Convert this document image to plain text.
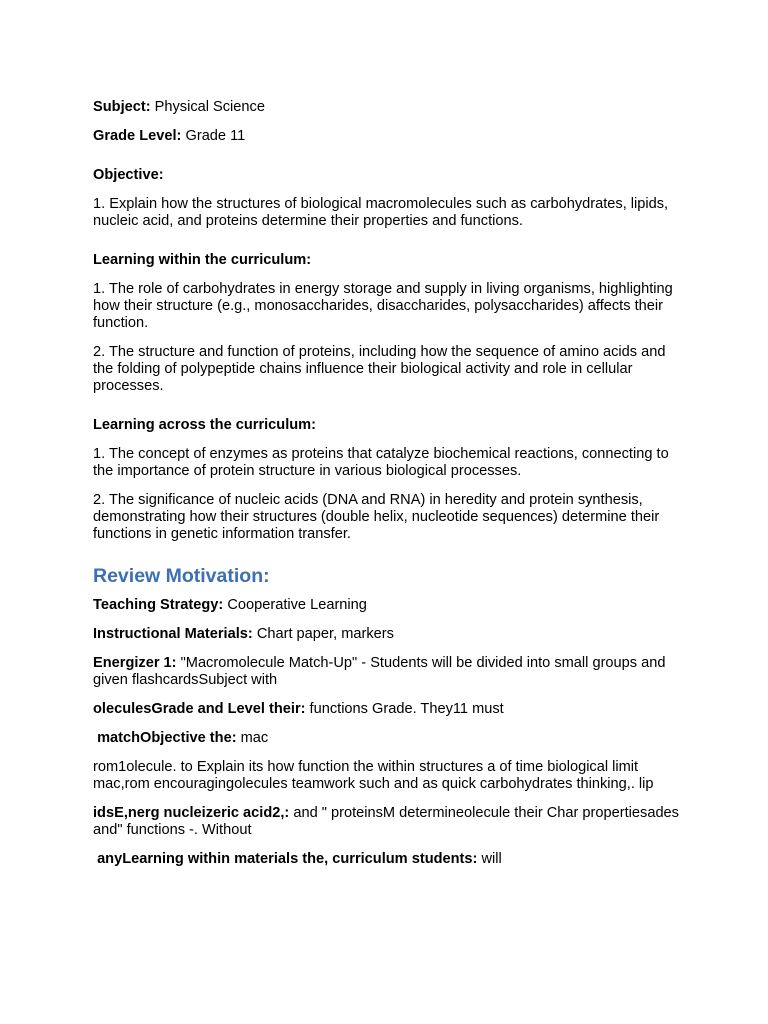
Subject: Physical Science

Grade Level: Grade 11

Objective:

1. Explain how the structures of biological macromolecules such as carbohydrates, lipids, nucleic acid, and proteins determine their properties and functions.

Learning within the curriculum:

1. The role of carbohydrates in energy storage and supply in living organisms, highlighting how their structure (e.g., monosaccharides, disaccharides, polysaccharides) affects their function.

2. The structure and function of proteins, including how the sequence of amino acids and the folding of polypeptide chains influence their biological activity and role in cellular processes.

Learning across the curriculum:

1. The concept of enzymes as proteins that catalyze biochemical reactions, connecting to the importance of protein structure in various biological processes.

2. The significance of nucleic acids (DNA and RNA) in heredity and protein synthesis, demonstrating how their structures (double helix, nucleotide sequences) determine their functions in genetic information transfer.

Review Motivation:

Teaching Strategy: Cooperative Learning

Instructional Materials: Chart paper, markers

Energizer 1: "Macromolecule Match-Up" - Students will be divided into small groups and given flashcardsSubject with

oleculesGrade and Level their: functions Grade. They11 must

matchObjective the: mac

rom1olecule. to Explain its how function the within structures a of time biological limit mac,rom encouragingolecules teamwork such and as quick carbohydrates thinking,. lip

idsE,nerg nucleizeric acid2,: and " proteinsM determineolecule their Char propertiesades and" functions -. Without

anyLearning within materials the, curriculum students: will
